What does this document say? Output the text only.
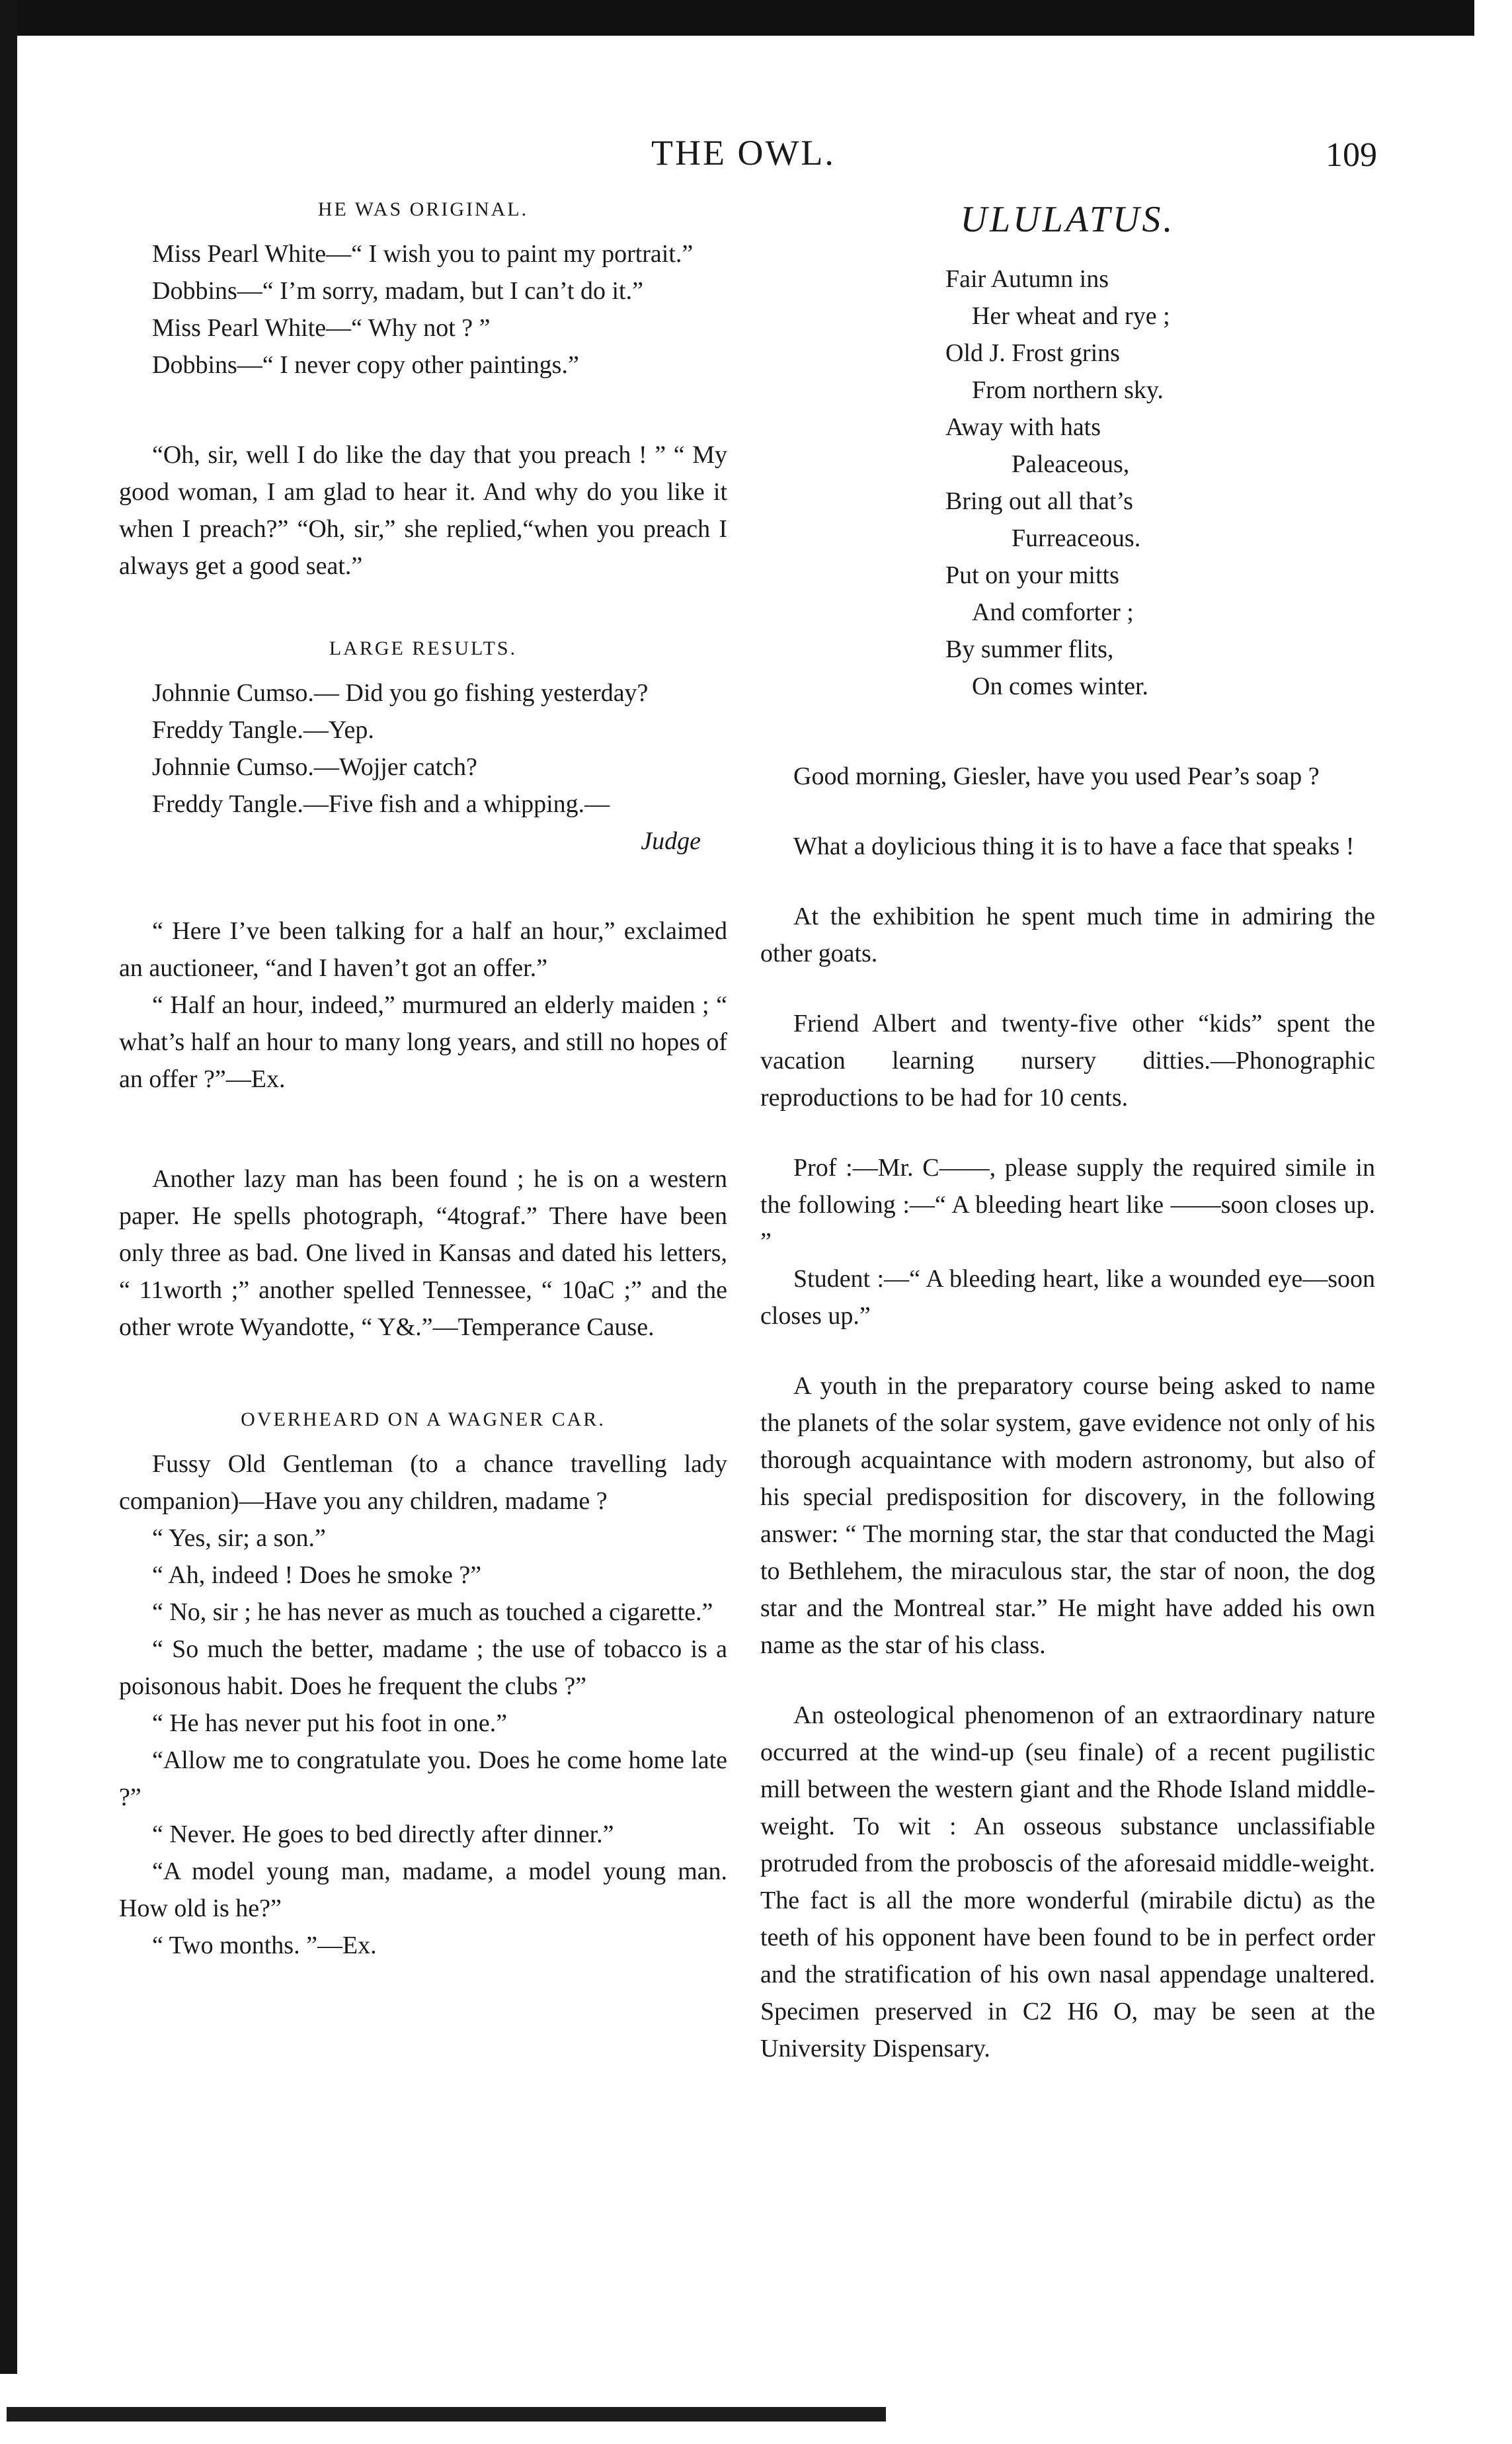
THE OWL.	109
HE WAS ORIGINAL.

Miss Pearl White—“ I wish you to paint my portrait.”

Dobbins—“ I’m sorry, madam, but I can’t do it.”

Miss Pearl White—“ Why not ? ”

Dobbins—“ I never copy other paintings.”

“Oh, sir, well I do like the day that you preach ! ” “ My good woman, I am glad to hear it. And why do you like it when I preach?” “Oh, sir,” she replied,“when you preach I always get a good seat.”

LARGE RESULTS.

Johnnie Cumso.— Did you go fishing yesterday?

Freddy Tangle.—Yep.

Johnnie Cumso.—Wojjer catch?

Freddy Tangle.—Five fish and a whipping.—

Judge

“ Here I’ve been talking for a half an hour,” exclaimed an auctioneer, “and I haven’t got an offer.”

“ Half an hour, indeed,” murmured an elderly maiden ; “ what’s half an hour to many long years, and still no hopes of an offer ?”—Ex.

Another lazy man has been found ; he is on a western paper. He spells photograph, “4tograf.” There have been only three as bad. One lived in Kansas and dated his letters, “ 11worth ;” another spelled Tennessee, “ 10aC ;” and the other wrote Wyandotte, “ Y&.”—Temperance Cause.

OVERHEARD ON A WAGNER CAR.

Fussy Old Gentleman (to a chance travelling lady companion)—Have you any children, madame ?

“ Yes, sir; a son.”

“ Ah, indeed ! Does he smoke ?”

“ No, sir ; he has never as much as touched a cigarette.”

“ So much the better, madame ; the use of tobacco is a poisonous habit. Does he frequent the clubs ?”

“ He has never put his foot in one.”

“Allow me to congratulate you. Does he come home late ?”

“ Never. He goes to bed directly after dinner.”

“A model young man, madame, a model young man. How old is he?”

“ Two months. ”—Ex.

ULULATUS.
Fair Autumn ins
Her wheat and rye ;
Old J. Frost grins
From northern sky.
Away with hats
Paleaceous,
Bring out all that’s
Furreaceous.
Put on your mitts
And comforter ;
By summer flits,
On comes winter.

Good morning, Giesler, have you used Pear’s soap ?

What a doylicious thing it is to have a face that speaks !

At the exhibition he spent much time in admiring the other goats.

Friend Albert and twenty-five other “kids” spent the vacation learning nursery ditties.—Phonographic reproductions to be had for 10 cents.

Prof :—Mr. C——, please supply the required simile in the following :—“ A bleeding heart like ——soon closes up. ”

Student :—“ A bleeding heart, like a wounded eye—soon closes up.”

A youth in the preparatory course being asked to name the planets of the solar system, gave evidence not only of his thorough acquaintance with modern astronomy, but also of his special predisposition for discovery, in the following answer: “ The morning star, the star that conducted the Magi to Bethlehem, the miraculous star, the star of noon, the dog star and the Montreal star.” He might have added his own name as the star of his class.

An osteological phenomenon of an extraordinary nature occurred at the wind-up (seu finale) of a recent pugilistic mill between the western giant and the Rhode Island middle-weight. To wit : An osseous substance unclassifiable protruded from the proboscis of the aforesaid middle-weight. The fact is all the more wonderful (mirabile dictu) as the teeth of his opponent have been found to be in perfect order and the stratification of his own nasal appendage unaltered. Specimen preserved in C2 H6 O, may be seen at the University Dispensary.
